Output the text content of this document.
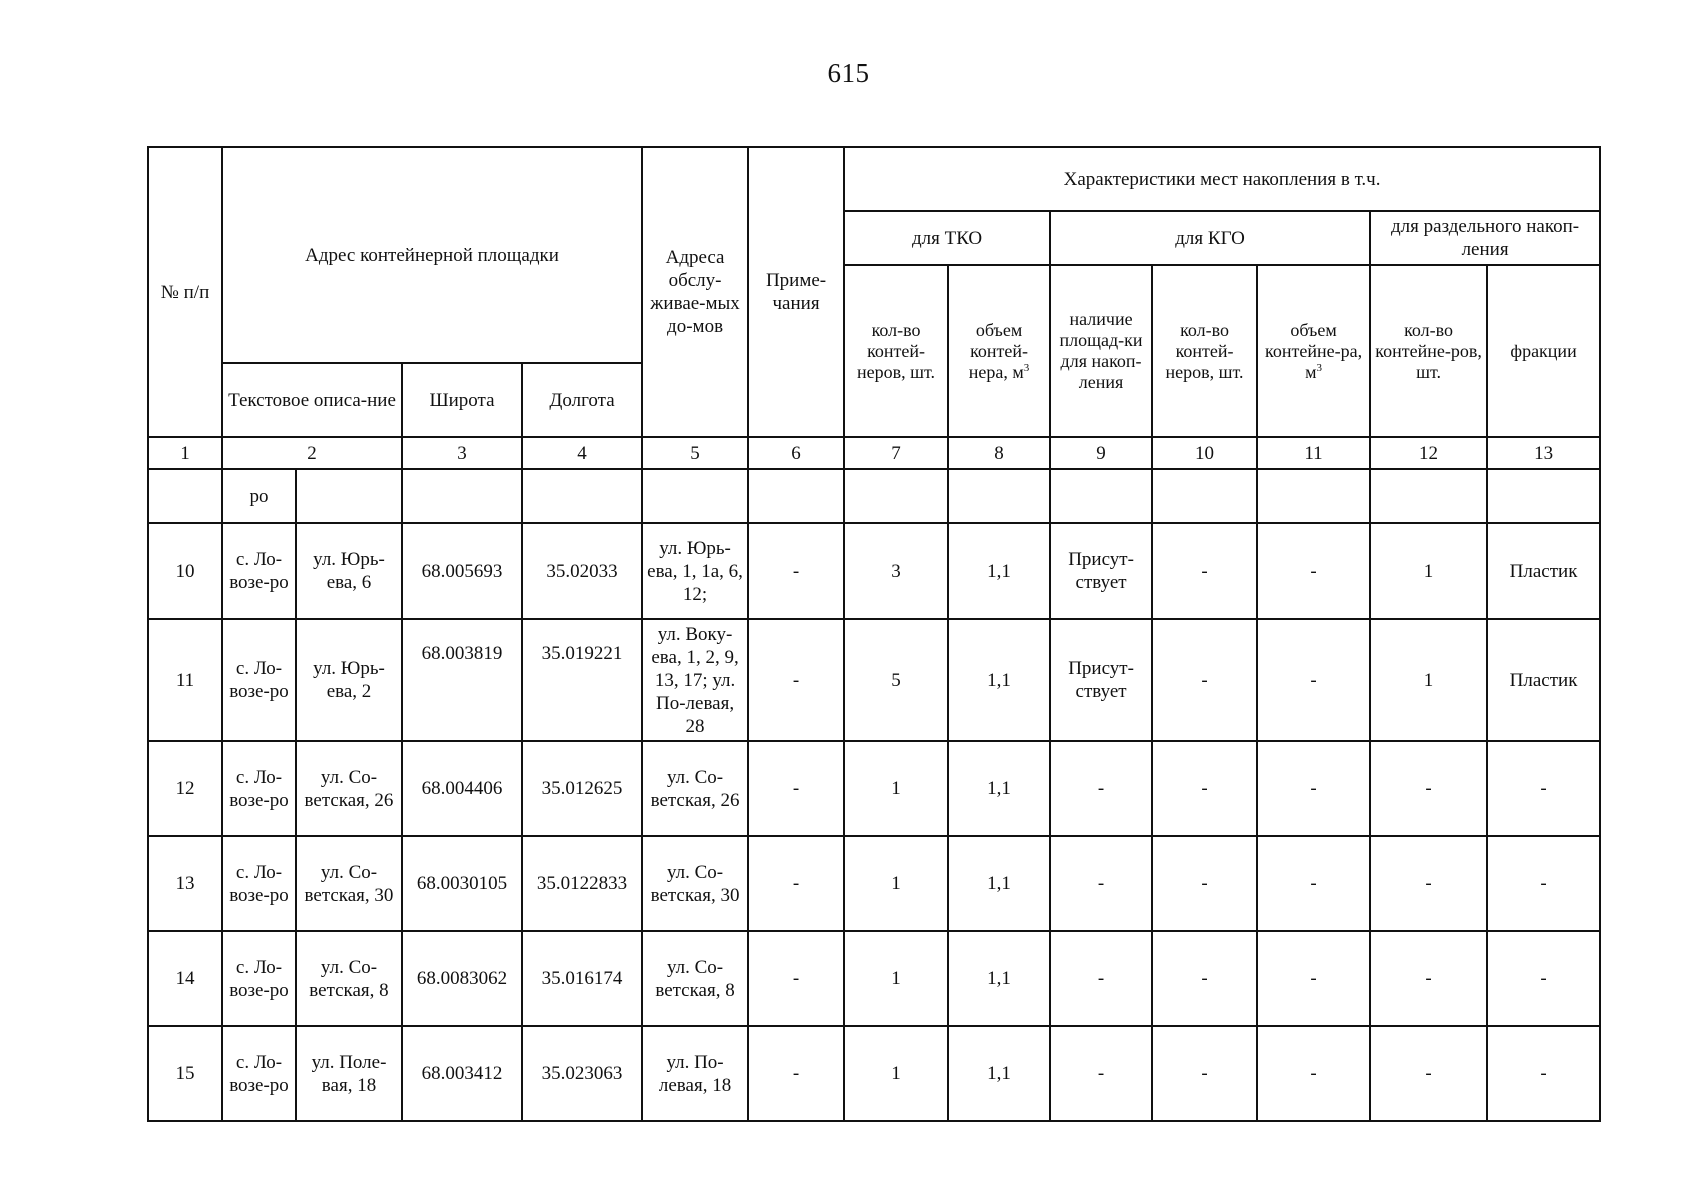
615
№ п/п	Адрес контейнерной площадки				Адреса обслу-живае-мых до-мов	Приме-чания	Характеристики мест накопления в т.ч.						
							для ТКО		для КГО			для раздельного накоп-ления	
							кол-во контей-неров, шт.	объем контей-нера, $м^3$	наличие площад-ки для накоп-ления	кол-во контей-неров, шт.	объем контейне-ра, $м^3$	кол-во контейне-ров, шт.	фракции
	Текстовое описа-ние		Широта	Долгота									
1	2		3	4	5	6	7	8	9	10	11	12	13
	ро												
10	с. Ло-возе-ро	ул. Юрь-ева, 6	68.005693	35.02033	ул. Юрь-ева, 1, 1а, 6, 12;	-	3	1,1	Присут-ствует	-	-	1	Пластик
11	с. Ло-возе-ро	ул. Юрь-ева, 2	68.003819	35.019221	ул. Воку-ева, 1, 2, 9, 13, 17; ул. По-левая, 28	-	5	1,1	Присут-ствует	-	-	1	Пластик
12	с. Ло-возе-ро	ул. Со-ветская, 26	68.004406	35.012625	ул. Со-ветская, 26	-	1	1,1	-	-	-	-	-
13	с. Ло-возе-ро	ул. Со-ветская, 30	68.0030105	35.0122833	ул. Со-ветская, 30	-	1	1,1	-	-	-	-	-
14	с. Ло-возе-ро	ул. Со-ветская, 8	68.0083062	35.016174	ул. Со-ветская, 8	-	1	1,1	-	-	-	-	-
15	с. Ло-возе-ро	ул. Поле-вая, 18	68.003412	35.023063	ул. По-левая, 18	-	1	1,1	-	-	-	-	-
